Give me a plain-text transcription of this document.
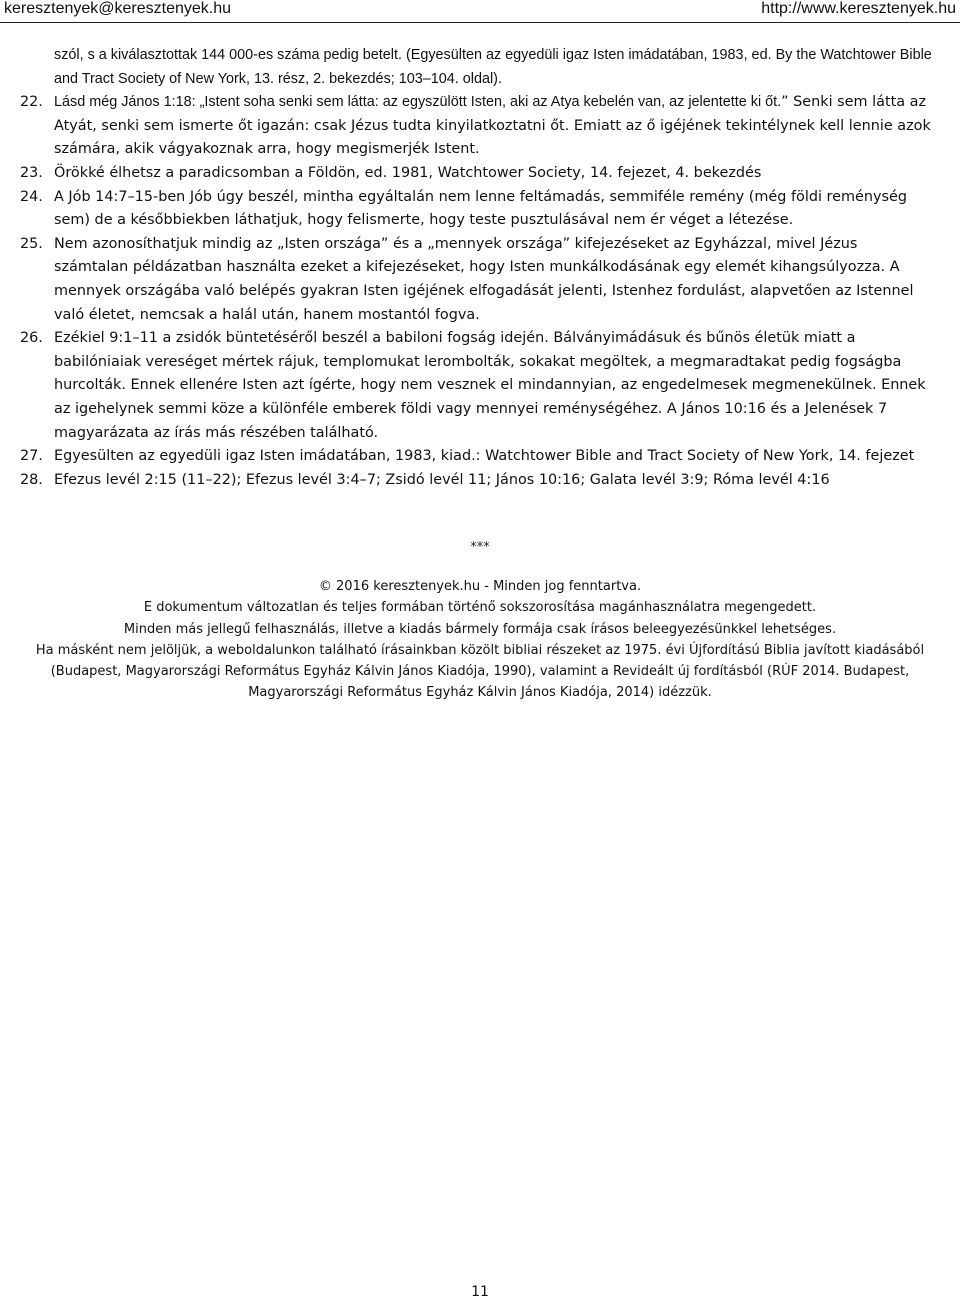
keresztenyek@keresztenyek.hu	http://www.keresztenyek.hu
szól, s a kiválasztottak 144 000-es száma pedig betelt. (Egyesülten az egyedüli igaz Isten imádatában, 1983, ed. By the Watchtower Bible and Tract Society of New York, 13. rész, 2. bekezdés; 103–104. oldal).
22. Lásd még János 1:18: „Istent soha senki sem látta: az egyszülött Isten, aki az Atya kebelén van, az jelentette ki őt.” Senki sem látta az Atyát, senki sem ismerte őt igazán: csak Jézus tudta kinyilatkoztatni őt. Emiatt az ő igéjének tekintélynek kell lennie azok számára, akik vágyakoznak arra, hogy megismerjék Istent.
23. Örökké élhetsz a paradicsomban a Földön, ed. 1981, Watchtower Society, 14. fejezet, 4. bekezdés
24. A Jób 14:7–15-ben Jób úgy beszél, mintha egyáltalán nem lenne feltámadás, semmiféle remény (még földi reménység sem) de a későbbiekben láthatjuk, hogy felismerte, hogy teste pusztulásával nem ér véget a létezése.
25. Nem azonosíthatjuk mindig az „Isten országa” és a „mennyek országa” kifejezéseket az Egyházzal, mivel Jézus számtalan példázatban használta ezeket a kifejezéseket, hogy Isten munkálkodásának egy elemét kihangsúlyozza. A mennyek országába való belépés gyakran Isten igéjének elfogadását jelenti, Istenhez fordulást, alapvetően az Istennel való életet, nemcsak a halál után, hanem mostantól fogva.
26. Ezékiel 9:1–11 a zsidók büntetéséről beszél a babiloni fogság idején. Bálványimádásuk és bűnös életük miatt a babilóniaiak vereséget mértek rájuk, templomukat lerombolták, sokakat megöltek, a megmaradtakat pedig fogságba hurcolták. Ennek ellenére Isten azt ígérte, hogy nem vesznek el mindannyian, az engedelmesek megmenekülnek. Ennek az igehelynek semmi köze a különféle emberek földi vagy mennyei reménységéhez. A János 10:16 és a Jelenések 7 magyarázata az írás más részében található.
27. Egyesülten az egyedüli igaz Isten imádatában, 1983, kiad.: Watchtower Bible and Tract Society of New York, 14. fejezet
28. Efezus levél 2:15 (11–22); Efezus levél 3:4–7; Zsidó levél 11; János 10:16; Galata levél 3:9; Róma levél 4:16
***
© 2016 keresztenyek.hu - Minden jog fenntartva.
E dokumentum változatlan és teljes formában történő sokszorosítása magánhasználatra megengedett.
Minden más jellegű felhasználás, illetve a kiadás bármely formája csak írásos beleegyezésünkkel lehetséges.
Ha másként nem jelöljük, a weboldalunkon található írásainkban közölt bibliai részeket az 1975. évi Újfordítású Biblia javított kiadásából
(Budapest, Magyarországi Református Egyház Kálvin János Kiadója, 1990), valamint a Revideált új fordításból (RÚF 2014. Budapest,
Magyarországi Református Egyház Kálvin János Kiadója, 2014) idézzük.
11
